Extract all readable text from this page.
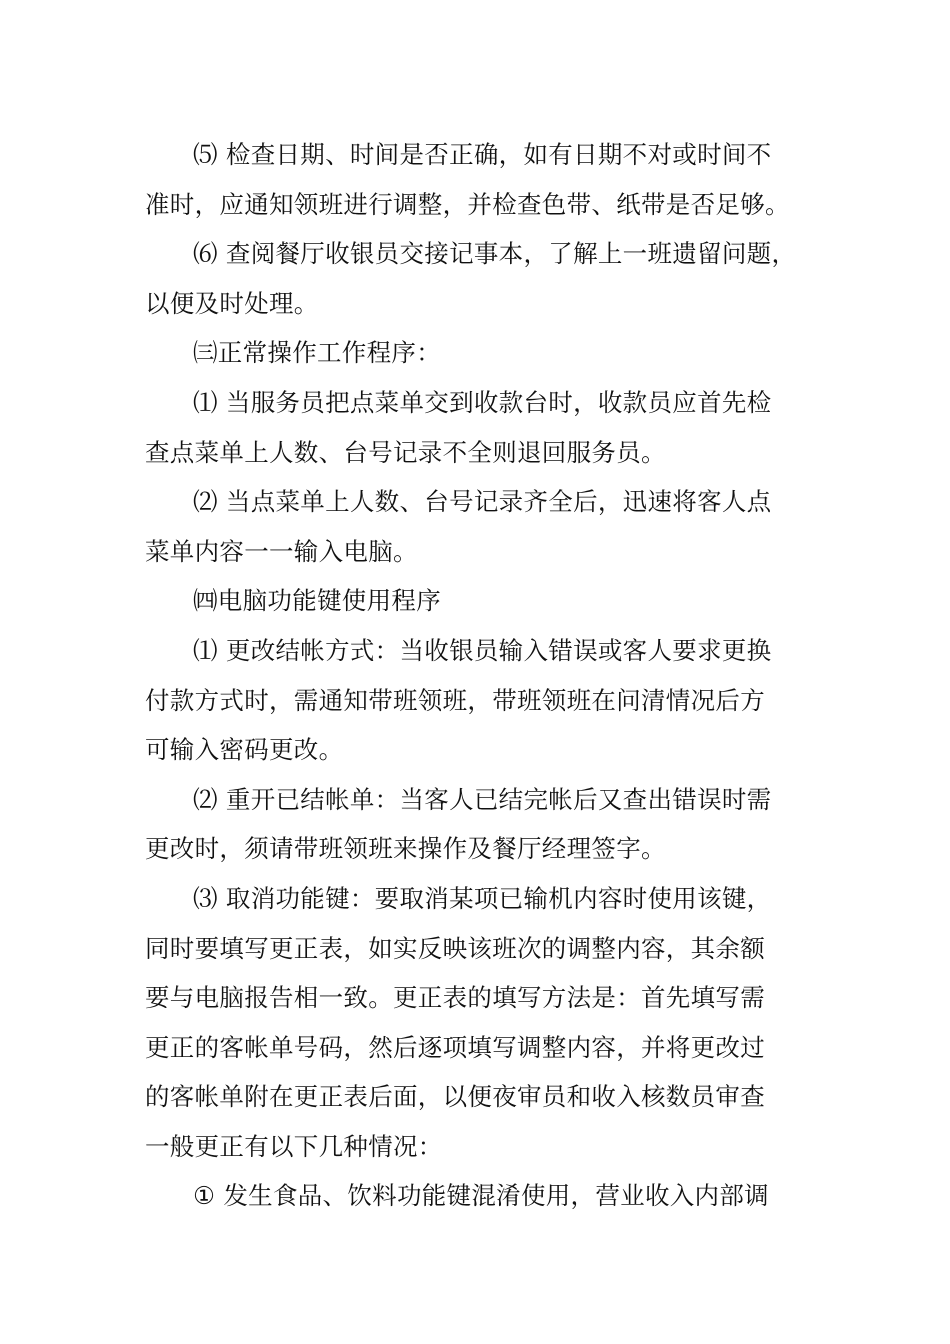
⑸ 检查日期、时间是否正确，如有日期不对或时间不
准时，应通知领班进行调整，并检查色带、纸带是否足够。
⑹ 查阅餐厅收银员交接记事本，了解上一班遗留问题，
以便及时处理。
㈢正常操作工作程序：
⑴ 当服务员把点菜单交到收款台时，收款员应首先检
查点菜单上人数、台号记录不全则退回服务员。
⑵ 当点菜单上人数、台号记录齐全后，迅速将客人点
菜单内容一一输入电脑。
㈣电脑功能键使用程序
⑴ 更改结帐方式：当收银员输入错误或客人要求更换
付款方式时，需通知带班领班，带班领班在问清情况后方
可输入密码更改。
⑵ 重开已结帐单：当客人已结完帐后又查出错误时需
更改时，须请带班领班来操作及餐厅经理签字。
⑶ 取消功能键：要取消某项已输机内容时使用该键，
同时要填写更正表，如实反映该班次的调整内容，其余额
要与电脑报告相一致。更正表的填写方法是：首先填写需
更正的客帐单号码，然后逐项填写调整内容，并将更改过
的客帐单附在更正表后面，以便夜审员和收入核数员审查
一般更正有以下几种情况：
① 发生食品、饮料功能键混淆使用，营业收入内部调
